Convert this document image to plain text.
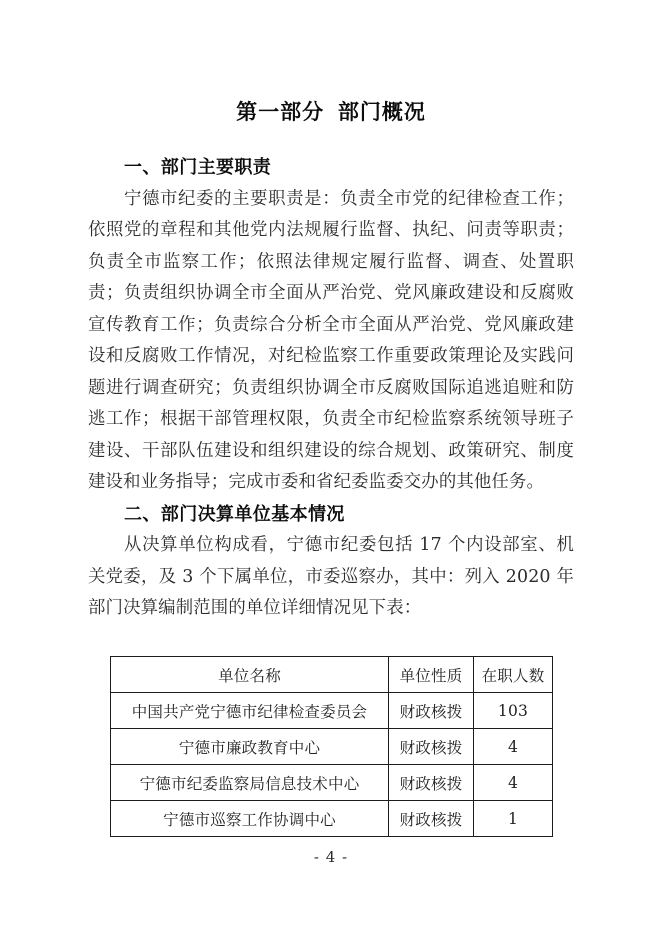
第一部分  部门概况
一、部门主要职责

宁德市纪委的主要职责是：负责全市党的纪律检查工作；依照党的章程和其他党内法规履行监督、执纪、问责等职责；负责全市监察工作；依照法律规定履行监督、调查、处置职责；负责组织协调全市全面从严治党、党风廉政建设和反腐败宣传教育工作；负责综合分析全市全面从严治党、党风廉政建设和反腐败工作情况，对纪检监察工作重要政策理论及实践问题进行调查研究；负责组织协调全市反腐败国际追逃追赃和防逃工作；根据干部管理权限，负责全市纪检监察系统领导班子建设、干部队伍建设和组织建设的综合规划、政策研究、制度建设和业务指导；完成市委和省纪委监委交办的其他任务。

二、部门决算单位基本情况

从决算单位构成看，宁德市纪委包括 17 个内设部室、机关党委，及 3 个下属单位，市委巡察办，其中：列入 2020 年部门决算编制范围的单位详细情况见下表：

单位名称	单位性质	在职人数
中国共产党宁德市纪律检查委员会	财政核拨	103
宁德市廉政教育中心	财政核拨	4
宁德市纪委监察局信息技术中心	财政核拨	4
宁德市巡察工作协调中心	财政核拨	1
- 4 -
